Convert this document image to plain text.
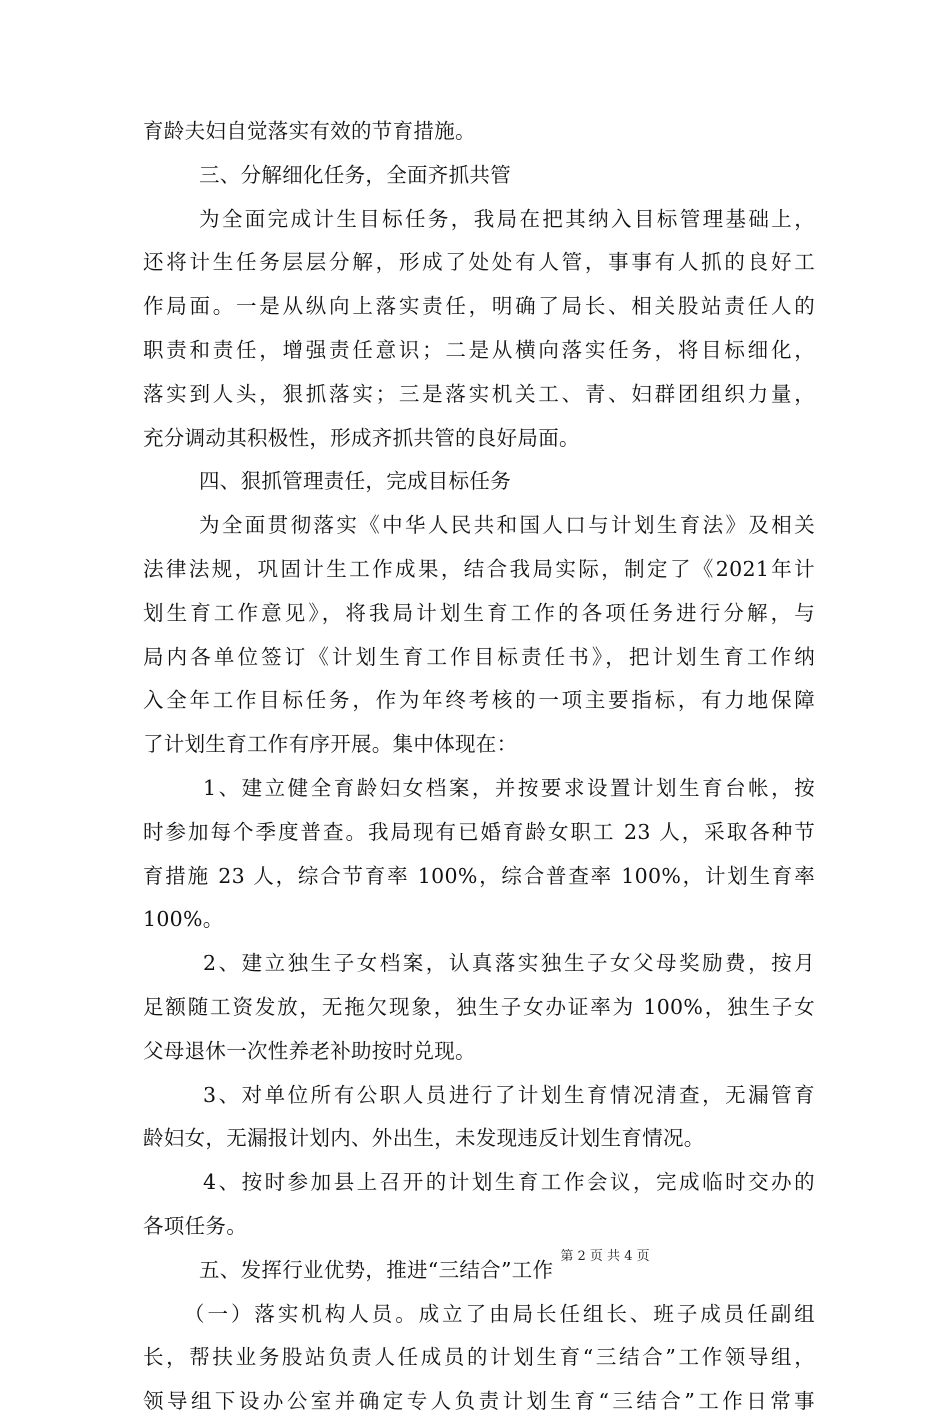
育龄夫妇自觉落实有效的节育措施。
三、分解细化任务，全面齐抓共管
为全面完成计生目标任务，我局在把其纳入目标管理基础上，
还将计生任务层层分解，形成了处处有人管，事事有人抓的良好工
作局面。一是从纵向上落实责任，明确了局长、相关股站责任人的
职责和责任，增强责任意识；二是从横向落实任务，将目标细化，
落实到人头，狠抓落实；三是落实机关工、青、妇群团组织力量，
充分调动其积极性，形成齐抓共管的良好局面。
四、狠抓管理责任，完成目标任务
为全面贯彻落实《中华人民共和国人口与计划生育法》及相关
法律法规，巩固计生工作成果，结合我局实际，制定了《2021年计
划生育工作意见》，将我局计划生育工作的各项任务进行分解，与
局内各单位签订《计划生育工作目标责任书》，把计划生育工作纳
入全年工作目标任务，作为年终考核的一项主要指标，有力地保障
了计划生育工作有序开展。集中体现在：
1、建立健全育龄妇女档案，并按要求设置计划生育台帐，按
时参加每个季度普查。我局现有已婚育龄女职工 23 人，采取各种节
育措施 23 人，综合节育率 100%，综合普查率 100%，计划生育率
100%。
2、建立独生子女档案，认真落实独生子女父母奖励费，按月
足额随工资发放，无拖欠现象，独生子女办证率为 100%，独生子女
父母退休一次性养老补助按时兑现。
3、对单位所有公职人员进行了计划生育情况清查，无漏管育
龄妇女，无漏报计划内、外出生，未发现违反计划生育情况。
4、按时参加县上召开的计划生育工作会议，完成临时交办的
各项任务。
五、发挥行业优势，推进“三结合”工作
（一）落实机构人员。成立了由局长任组长、班子成员任副组
长，帮扶业务股站负责人任成员的计划生育“三结合”工作领导组，
领导组下设办公室并确定专人负责计划生育“三结合”工作日常事
第 2 页 共 4 页
